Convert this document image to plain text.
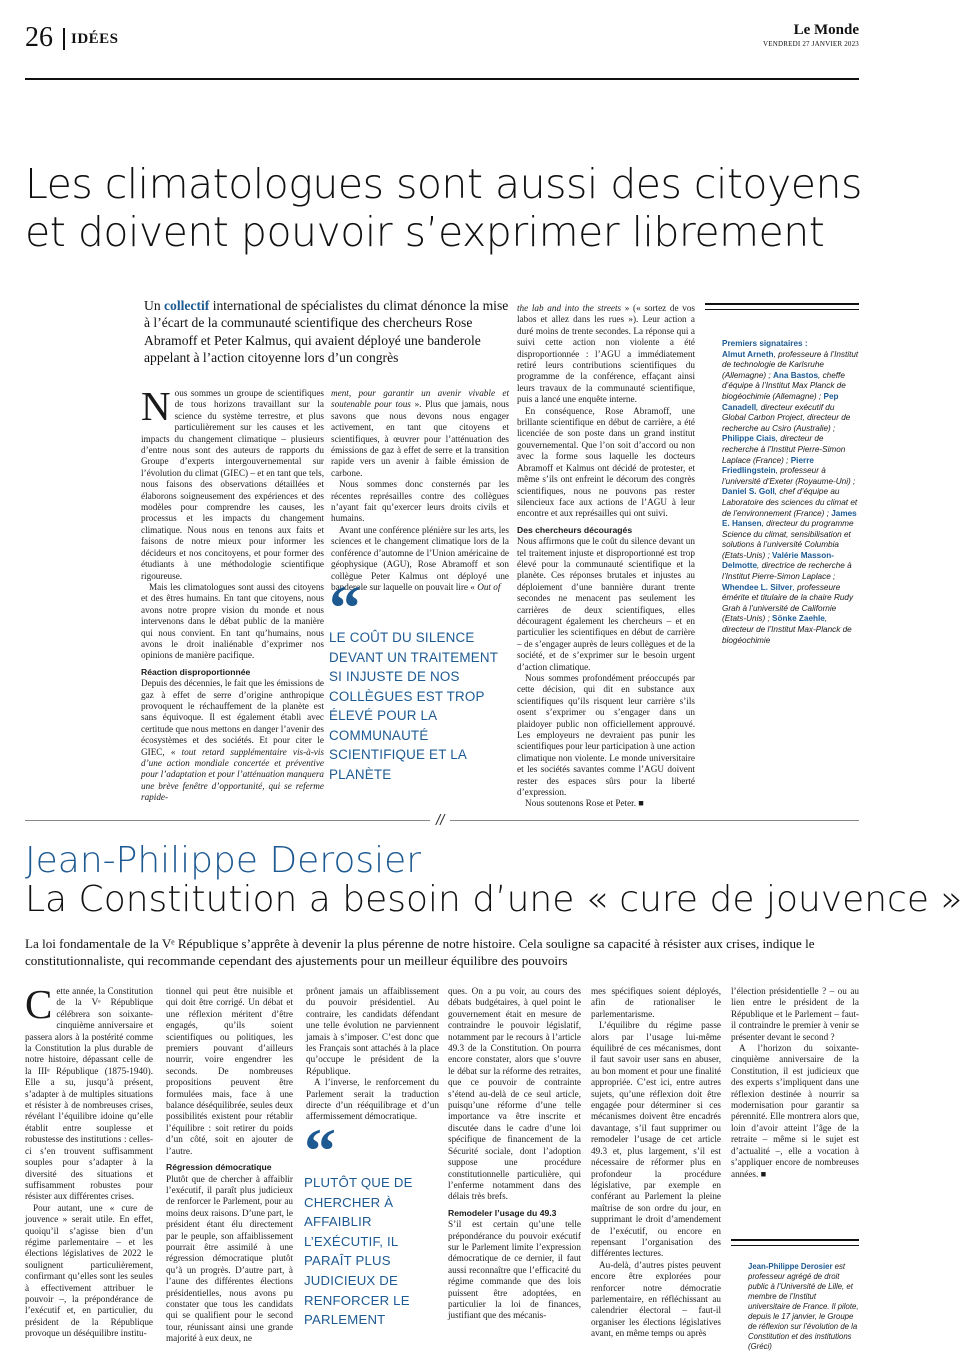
26 IDÉES
Le Monde
VENDREDI 27 JANVIER 2023
Les climatologues sont aussi des citoyens
et doivent pouvoir s’exprimer librement
Un collectif international de spécialistes du climat dénonce la mise à l’écart de la communauté scientifique des chercheurs Rose Abramoff et Peter Kalmus, qui avaient déployé une banderole appelant à l’action citoyenne lors d’un congrès

Nous sommes un groupe de scientifiques de tous horizons travaillant sur la science du système terrestre, et plus particulièrement sur les causes et les impacts du changement climatique – plusieurs d’entre nous sont des auteurs de rapports du Groupe d’experts intergouvernemental sur l’évolution du climat (GIEC) – et en tant que tels, nous faisons des observations détaillées et élaborons soigneusement des expériences et des modèles pour comprendre les causes, les processus et les impacts du changement climatique. Nous nous en tenons aux faits et faisons de notre mieux pour informer les décideurs et nos concitoyens, et pour former des étudiants à une méthodologie scientifique rigoureuse.

Mais les climatologues sont aussi des citoyens et des êtres humains. En tant que citoyens, nous avons notre propre vision du monde et nous intervenons dans le débat public de la manière qui nous convient. En tant qu’humains, nous avons le droit inaliénable d’exprimer nos opinions de manière pacifique.

Réaction disproportionnée

Depuis des décennies, le fait que les émissions de gaz à effet de serre d’origine anthropique provoquent le réchauffement de la planète est sans équivoque. Il est également établi avec certitude que nous mettons en danger l’avenir des écosystèmes et des sociétés. Et pour citer le GIEC, « tout retard supplémentaire vis-à-vis d’une action mondiale concertée et préventive pour l’adaptation et pour l’atténuation manquera une brève fenêtre d’opportunité, qui se referme rapide-

ment, pour garantir un avenir vivable et soutenable pour tous ». Plus que jamais, nous savons que nous devons nous engager activement, en tant que citoyens et scientifiques, à œuvrer pour l’atténuation des émissions de gaz à effet de serre et la transition rapide vers un avenir à faible émission de carbone.

Nous sommes donc consternés par les récentes représailles contre des collègues n’ayant fait qu’exercer leurs droits civils et humains.

Avant une conférence plénière sur les arts, les sciences et le changement climatique lors de la conférence d’automne de l’Union américaine de géophysique (AGU), Rose Abramoff et son collègue Peter Kalmus ont déployé une banderole sur laquelle on pouvait lire « Out of

“
LE COÛT DU SILENCE DEVANT UN TRAITEMENT SI INJUSTE DE NOS COLLÈGUES EST TROP ÉLEVÉ POUR LA COMMUNAUTÉ SCIENTIFIQUE ET LA PLANÈTE

the lab and into the streets » (« sortez de vos labos et allez dans les rues »). Leur action a duré moins de trente secondes. La réponse qui a suivi cette action non violente a été disproportionnée : l’AGU a immédiatement retiré leurs contributions scientifiques du programme de la conférence, effaçant ainsi leurs travaux de la communauté scientifique, puis a lancé une enquête interne.

En conséquence, Rose Abramoff, une brillante scientifique en début de carrière, a été licenciée de son poste dans un grand institut gouvernemental. Que l’on soit d’accord ou non avec la forme sous laquelle les docteurs Abramoff et Kalmus ont décidé de protester, et même s’ils ont enfreint le décorum des congrès scientifiques, nous ne pouvons pas rester silencieux face aux actions de l’AGU à leur encontre et aux représailles qui ont suivi.

Des chercheurs découragés

Nous affirmons que le coût du silence devant un tel traitement injuste et disproportionné est trop élevé pour la communauté scientifique et la planète. Ces réponses brutales et injustes au déploiement d’une bannière durant trente secondes ne menacent pas seulement les carrières de deux scientifiques, elles découragent également les chercheurs – et en particulier les scientifiques en début de carrière – de s’engager auprès de leurs collègues et de la société, et de s’exprimer sur le besoin urgent d’action climatique.

Nous sommes profondément préoccupés par cette décision, qui dit en substance aux scientifiques qu’ils risquent leur carrière s’ils osent s’exprimer ou s’engager dans un plaidoyer public non officiellement approuvé. Les employeurs ne devraient pas punir les scientifiques pour leur participation à une action climatique non violente. Le monde universitaire et les sociétés savantes comme l’AGU doivent rester des espaces sûrs pour la liberté d’expression.

Nous soutenons Rose et Peter. ■

Premiers signataires :
Almut Arneth, professeure à l’Institut de technologie de Karlsruhe (Allemagne) ; Ana Bastos, cheffe d’équipe à l’Institut Max Planck de biogéochimie (Allemagne) ; Pep Canadell, directeur exécutif du Global Carbon Project, directeur de recherche au Csiro (Australie) ; Philippe Ciais, directeur de recherche à l’Institut Pierre-Simon Laplace (France) ; Pierre Friedlingstein, professeur à l’université d’Exeter (Royaume-Uni) ; Daniel S. Goll, chef d’équipe au Laboratoire des sciences du climat et de l’environnement (France) ; James E. Hansen, directeur du programme Science du climat, sensibilisation et solutions à l’université Columbia (Etats-Unis) ; Valérie Masson-Delmotte, directrice de recherche à l’Institut Pierre-Simon Laplace ; Whendee L. Silver, professeure émérite et titulaire de la chaire Rudy Grah à l’université de Californie (Etats-Unis) ; Sönke Zaehle, directeur de l’Institut Max-Planck de biogéochimie
//
Jean-Philippe Derosier
La Constitution a besoin d’une « cure de jouvence »
La loi fondamentale de la Vᵉ République s’apprête à devenir la plus pérenne de notre histoire. Cela souligne sa capacité à résister aux crises, indique le constitutionnaliste, qui recommande cependant des ajustements pour un meilleur équilibre des pouvoirs

Cette année, la Constitution de la Vᵉ République célébrera son soixante-cinquième anniversaire et passera alors à la postérité comme la Constitution la plus durable de notre histoire, dépassant celle de la IIIᵉ République (1875-1940). Elle a su, jusqu’à présent, s’adapter à de multiples situations et résister à de nombreuses crises, révélant l’équilibre idoine qu’elle établit entre souplesse et robustesse des institutions : celles-ci s’en trouvent suffisamment souples pour s’adapter à la diversité des situations et suffisamment robustes pour résister aux différentes crises.

Pour autant, une « cure de jouvence » serait utile. En effet, quoiqu’il s’agisse bien d’un régime parlementaire – et les élections législatives de 2022 le soulignent particulièrement, confirmant qu’elles sont les seules à effectivement attribuer le pouvoir –, la prépondérance de l’exécutif et, en particulier, du président de la République provoque un déséquilibre institu-

tionnel qui peut être nuisible et qui doit être corrigé. Un débat et une réflexion méritent d’être engagés, qu’ils soient scientifiques ou politiques, les premiers pouvant d’ailleurs nourrir, voire engendrer les seconds. De nombreuses propositions peuvent être formulées mais, face à une balance déséquilibrée, seules deux possibilités existent pour rétablir l’équilibre : soit retirer du poids d’un côté, soit en ajouter de l’autre.

Régression démocratique

Plutôt que de chercher à affaiblir l’exécutif, il paraît plus judicieux de renforcer le Parlement, pour au moins deux raisons. D’une part, le président étant élu directement par le peuple, son affaiblissement pourrait être assimilé à une régression démocratique plutôt qu’à un progrès. D’autre part, à l’aune des différentes élections présidentielles, nous avons pu constater que tous les candidats qui se qualifient pour le second tour, réunissant ainsi une grande majorité à eux deux, ne

prônent jamais un affaiblissement du pouvoir présidentiel. Au contraire, les candidats défendant une telle évolution ne parviennent jamais à s’imposer. C’est donc que les Français sont attachés à la place qu’occupe le président de la République.

A l’inverse, le renforcement du Parlement serait la traduction directe d’un rééquilibrage et d’un affermissement démocratique.

“
PLUTÔT QUE DE CHERCHER À AFFAIBLIR L’EXÉCUTIF, IL PARAÎT PLUS JUDICIEUX DE RENFORCER LE PARLEMENT

ques. On a pu voir, au cours des débats budgétaires, à quel point le gouvernement était en mesure de contraindre le pouvoir législatif, notamment par le recours à l’article 49.3 de la Constitution. On pourra encore constater, alors que s’ouvre le débat sur la réforme des retraites, que ce pouvoir de contrainte s’étend au-delà de ce seul article, puisqu’une réforme d’une telle importance va être inscrite et discutée dans le cadre d’une loi spécifique de financement de la Sécurité sociale, dont l’adoption suppose une procédure constitutionnelle particulière, qui l’enferme notamment dans des délais très brefs.

Remodeler l’usage du 49.3

S’il est certain qu’une telle prépondérance du pouvoir exécutif sur le Parlement limite l’expression démocratique de ce dernier, il faut aussi reconnaître que l’efficacité du régime commande que des lois puissent être adoptées, en particulier la loi de finances, justifiant que des mécanis-

mes spécifiques soient déployés, afin de rationaliser le parlementarisme.

L’équilibre du régime passe alors par l’usage lui-même équilibré de ces mécanismes, dont il faut savoir user sans en abuser, au bon moment et pour une finalité appropriée. C’est ici, entre autres sujets, qu’une réflexion doit être engagée pour déterminer si ces mécanismes doivent être encadrés davantage, s’il faut supprimer ou remodeler l’usage de cet article 49.3 et, plus largement, s’il est nécessaire de réformer plus en profondeur la procédure législative, par exemple en conférant au Parlement la pleine maîtrise de son ordre du jour, en supprimant le droit d’amendement de l’exécutif, ou encore en repensant l’organisation des différentes lectures.

Au-delà, d’autres pistes peuvent encore être explorées pour renforcer notre démocratie parlementaire, en réfléchissant au calendrier électoral – faut-il organiser les élections législatives avant, en même temps ou après

l’élection présidentielle ? – ou au lien entre le président de la République et le Parlement – faut-il contraindre le premier à venir se présenter devant le second ?

A l’horizon du soixante-cinquième anniversaire de la Constitution, il est judicieux que des experts s’impliquent dans une réflexion destinée à nourrir sa modernisation pour garantir sa pérennité. Elle montrera alors que, loin d’avoir atteint l’âge de la retraite – même si le sujet est d’actualité –, elle a vocation à s’appliquer encore de nombreuses années. ■

Jean-Philippe Derosier est professeur agrégé de droit public à l’Université de Lille, et membre de l’Institut universitaire de France. Il pilote, depuis le 17 janvier, le Groupe de réflexion sur l’évolution de la Constitution et des institutions (Gréci)
